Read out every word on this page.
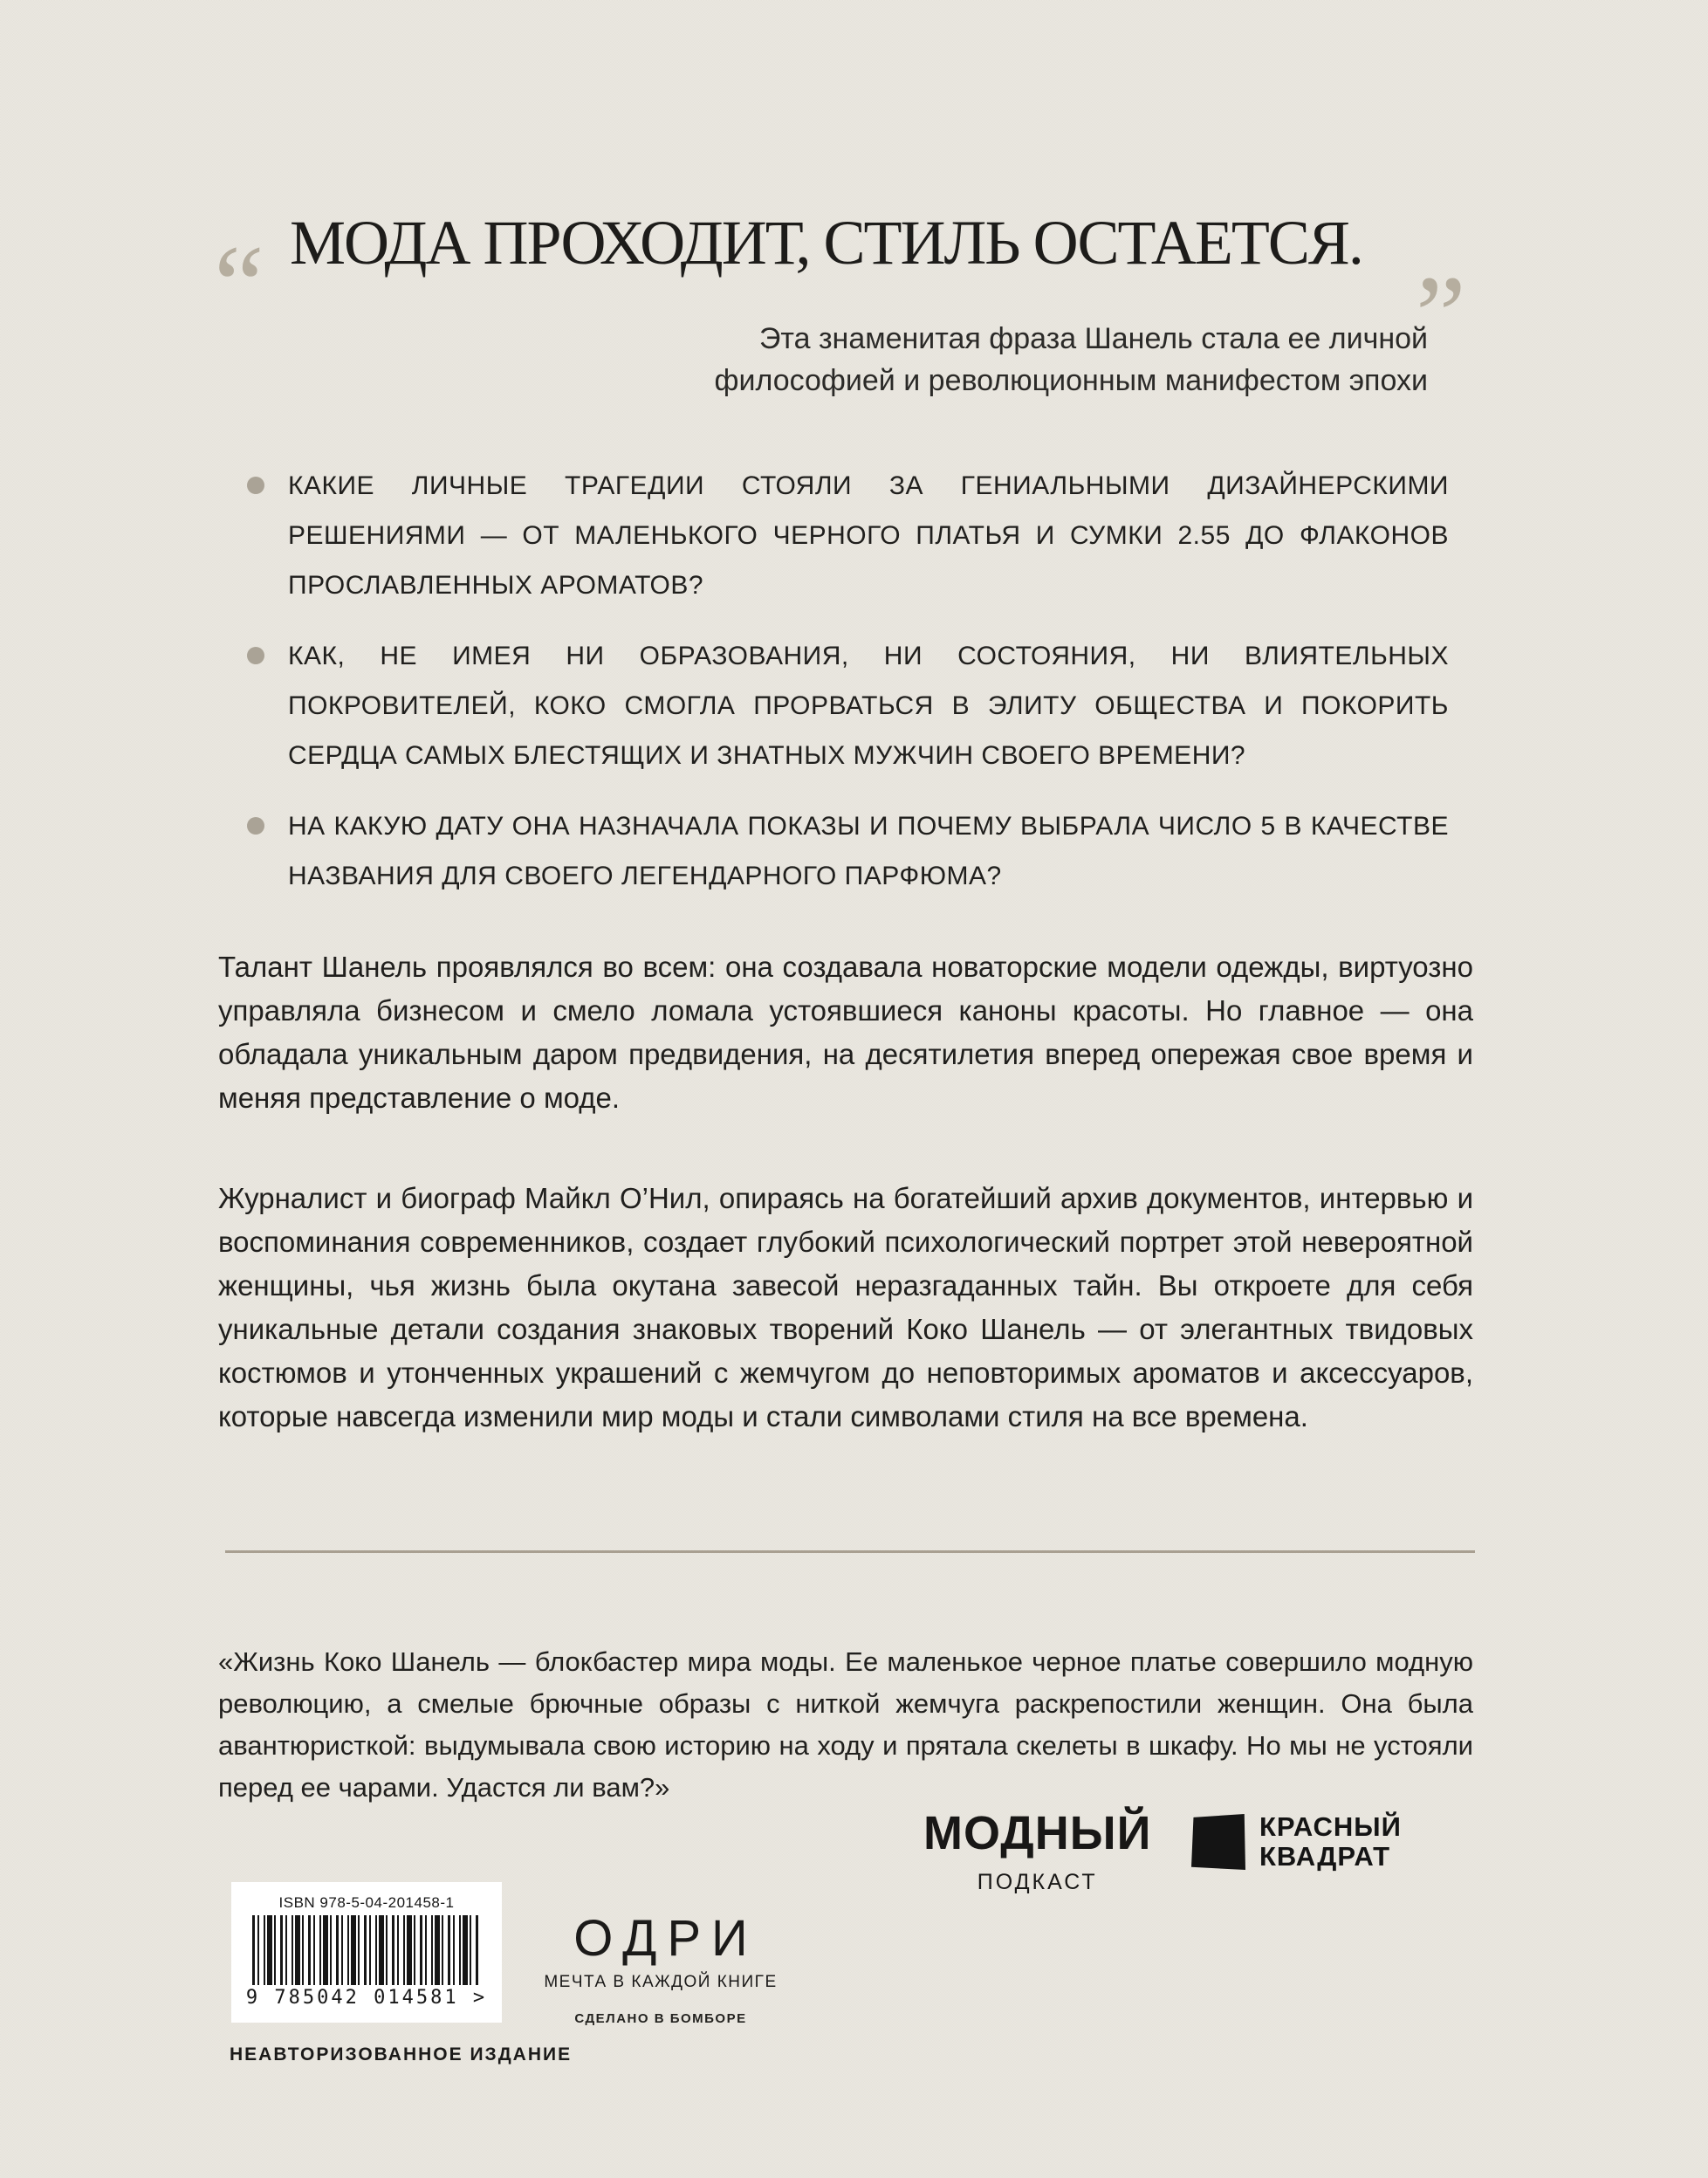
“ МОДА ПРОХОДИТ, СТИЛЬ ОСТАЕТСЯ.
”
Эта знаменитая фраза Шанель стала ее личной
философией и революционным манифестом эпохи
КАКИЕ ЛИЧНЫЕ ТРАГЕДИИ СТОЯЛИ ЗА ГЕНИАЛЬНЫМИ ДИЗАЙНЕРСКИМИ РЕШЕНИЯМИ — ОТ МАЛЕНЬКОГО ЧЕРНОГО ПЛАТЬЯ И СУМКИ 2.55 ДО ФЛАКОНОВ ПРОСЛАВЛЕННЫХ АРОМАТОВ?
КАК, НЕ ИМЕЯ НИ ОБРАЗОВАНИЯ, НИ СОСТОЯНИЯ, НИ ВЛИЯТЕЛЬНЫХ ПОКРОВИТЕЛЕЙ, КОКО СМОГЛА ПРОРВАТЬСЯ В ЭЛИТУ ОБЩЕСТВА И ПОКОРИТЬ СЕРДЦА САМЫХ БЛЕСТЯЩИХ И ЗНАТНЫХ МУЖЧИН СВОЕГО ВРЕМЕНИ?
НА КАКУЮ ДАТУ ОНА НАЗНАЧАЛА ПОКАЗЫ И ПОЧЕМУ ВЫБРАЛА ЧИСЛО 5 В КАЧЕСТВЕ НАЗВАНИЯ ДЛЯ СВОЕГО ЛЕГЕНДАРНОГО ПАРФЮМА?
Талант Шанель проявлялся во всем: она создавала новаторские модели одежды, виртуозно управляла бизнесом и смело ломала устоявшиеся каноны красоты. Но главное — она обладала уникальным даром предвидения, на десятилетия вперед опережая свое время и меняя представление о моде.
Журналист и биограф Майкл О’Нил, опираясь на богатейший архив документов, интервью и воспоминания современников, создает глубокий психологический портрет этой невероятной женщины, чья жизнь была окутана завесой неразгаданных тайн. Вы откроете для себя уникальные детали создания знаковых творений Коко Шанель — от элегантных твидовых костюмов и утонченных украшений с жемчугом до неповторимых ароматов и аксессуаров, которые навсегда изменили мир моды и стали символами стиля на все времена.
«Жизнь Коко Шанель — блокбастер мира моды. Ее маленькое черное платье совершило модную революцию, а смелые брючные образы с ниткой жемчуга раскрепостили женщин. Она была авантюристкой: выдумывала свою историю на ходу и прятала скелеты в шкафу. Но мы не устояли перед ее чарами. Удастся ли вам?»
МОДНЫЙ
ПОДКАСТ
КРАСНЫЙ
КВАДРАТ
ISBN 978-5-04-201458-1
9 785042 014581 >
ОДРИ
МЕЧТА В КАЖДОЙ КНИГЕ
СДЕЛАНО В БОМБОРЕ
НЕАВТОРИЗОВАННОЕ ИЗДАНИЕ
